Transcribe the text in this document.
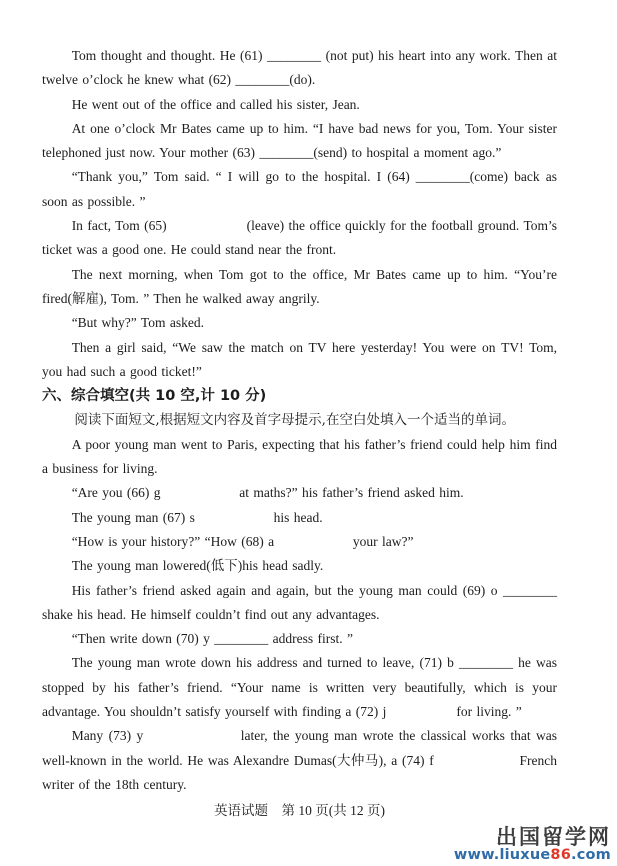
Tom thought and thought. He (61) ________ (not put) his heart into any work. Then at twelve o’clock he knew what (62) ________(do).

He went out of the office and called his sister, Jean.

At one o’clock Mr Bates came up to him. “I have bad news for you, Tom. Your sister telephoned just now. Your mother (63) ________(send) to hospital a moment ago.”

“Thank you,” Tom said. “ I will go to the hospital. I (64) ________(come) back as soon as possible. ”

In fact, Tom (65)                  (leave) the office quickly for the football ground. Tom’s ticket was a good one. He could stand near the front.

The next morning, when Tom got to the office, Mr Bates came up to him. “You’re fired(解雇), Tom. ” Then he walked away angrily.

“But why?” Tom asked.

Then a girl said, “We saw the match on TV here yesterday! You were on TV! Tom, you had such a good ticket!”

六、综合填空(共 10 空,计 10 分)

阅读下面短文,根据短文内容及首字母提示,在空白处填入一个适当的单词。

A poor young man went to Paris, expecting that his father’s friend could help him find a business for living.

“Are you (66) g                  at maths?” his father’s friend asked him.

The young man (67) s                  his head.

“How is your history?” “How (68) a                  your law?”

The young man lowered(低下)his head sadly.

His father’s friend asked again and again, but the young man could (69) o ________ shake his head. He himself couldn’t find out any advantages.

“Then write down (70) y ________ address first. ”

The young man wrote down his address and turned to leave, (71) b ________ he was stopped by his father’s friend. “Your name is written very beautifully, which is your advantage. You shouldn’t satisfy yourself with finding a (72) j                for living. ”

Many (73) y                  later, the young man wrote the classical works that was well-known in the world. He was Alexandre Dumas(大仲马), a (74) f                  French writer of the 18th century.

英语试题　第 10 页(共 12 页)
出国留学网
www.liuxue86.com
